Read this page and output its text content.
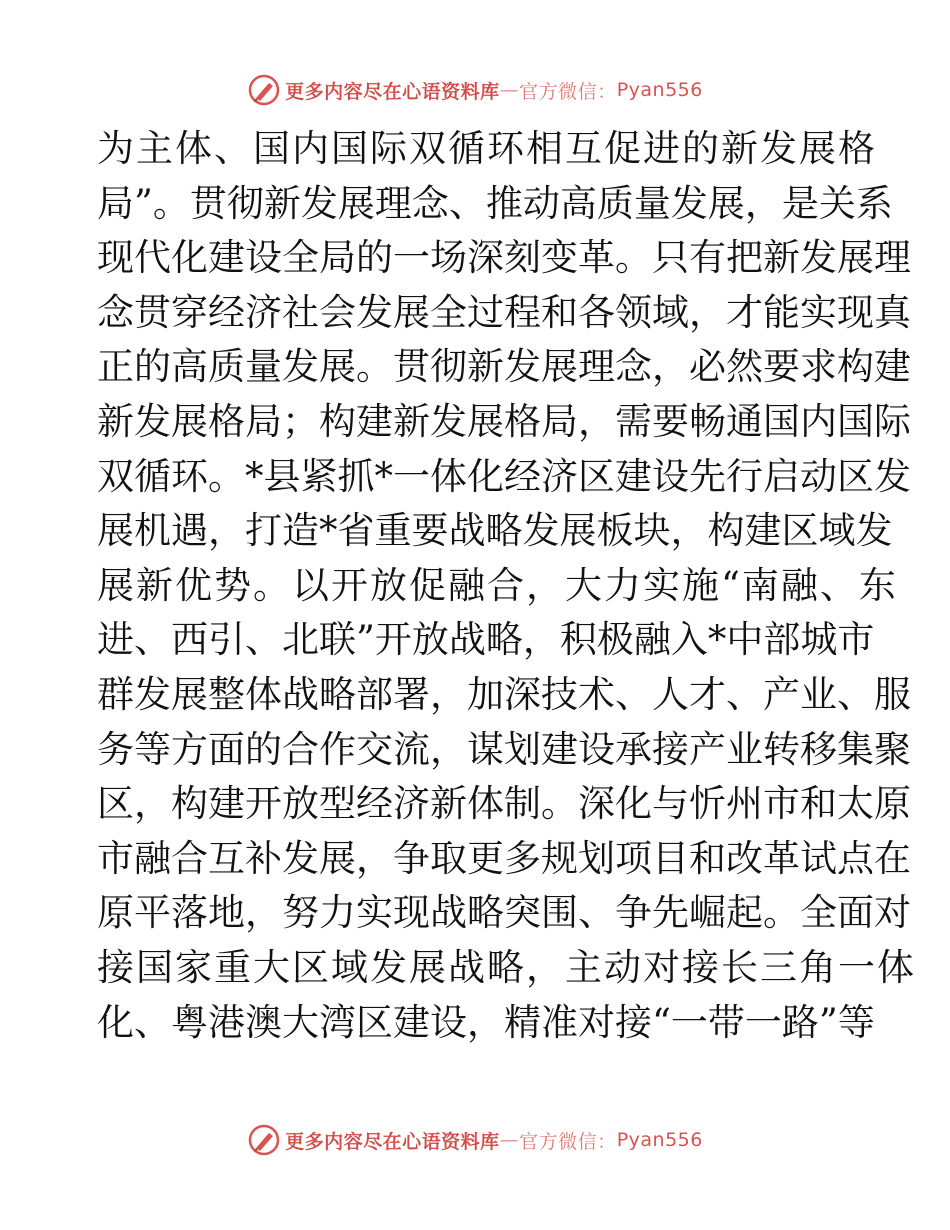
更多内容尽在心语资料库 — 官方微信： Pyan556
为主体、国内国际双循环相互促进的新发展格
局”。贯彻新发展理念、推动高质量发展，是关系
现代化建设全局的一场深刻变革。只有把新发展理
念贯穿经济社会发展全过程和各领域，才能实现真
正的高质量发展。贯彻新发展理念，必然要求构建
新发展格局；构建新发展格局，需要畅通国内国际
双循环。*县紧抓*一体化经济区建设先行启动区发
展机遇，打造*省重要战略发展板块，构建区域发
展新优势。以开放促融合，大力实施“南融、东
进、西引、北联”开放战略，积极融入*中部城市
群发展整体战略部署，加深技术、人才、产业、服
务等方面的合作交流，谋划建设承接产业转移集聚
区，构建开放型经济新体制。深化与忻州市和太原
市融合互补发展，争取更多规划项目和改革试点在
原平落地，努力实现战略突围、争先崛起。全面对
接国家重大区域发展战略，主动对接长三角一体
化、粤港澳大湾区建设，精准对接“一带一路”等
更多内容尽在心语资料库 — 官方微信： Pyan556
